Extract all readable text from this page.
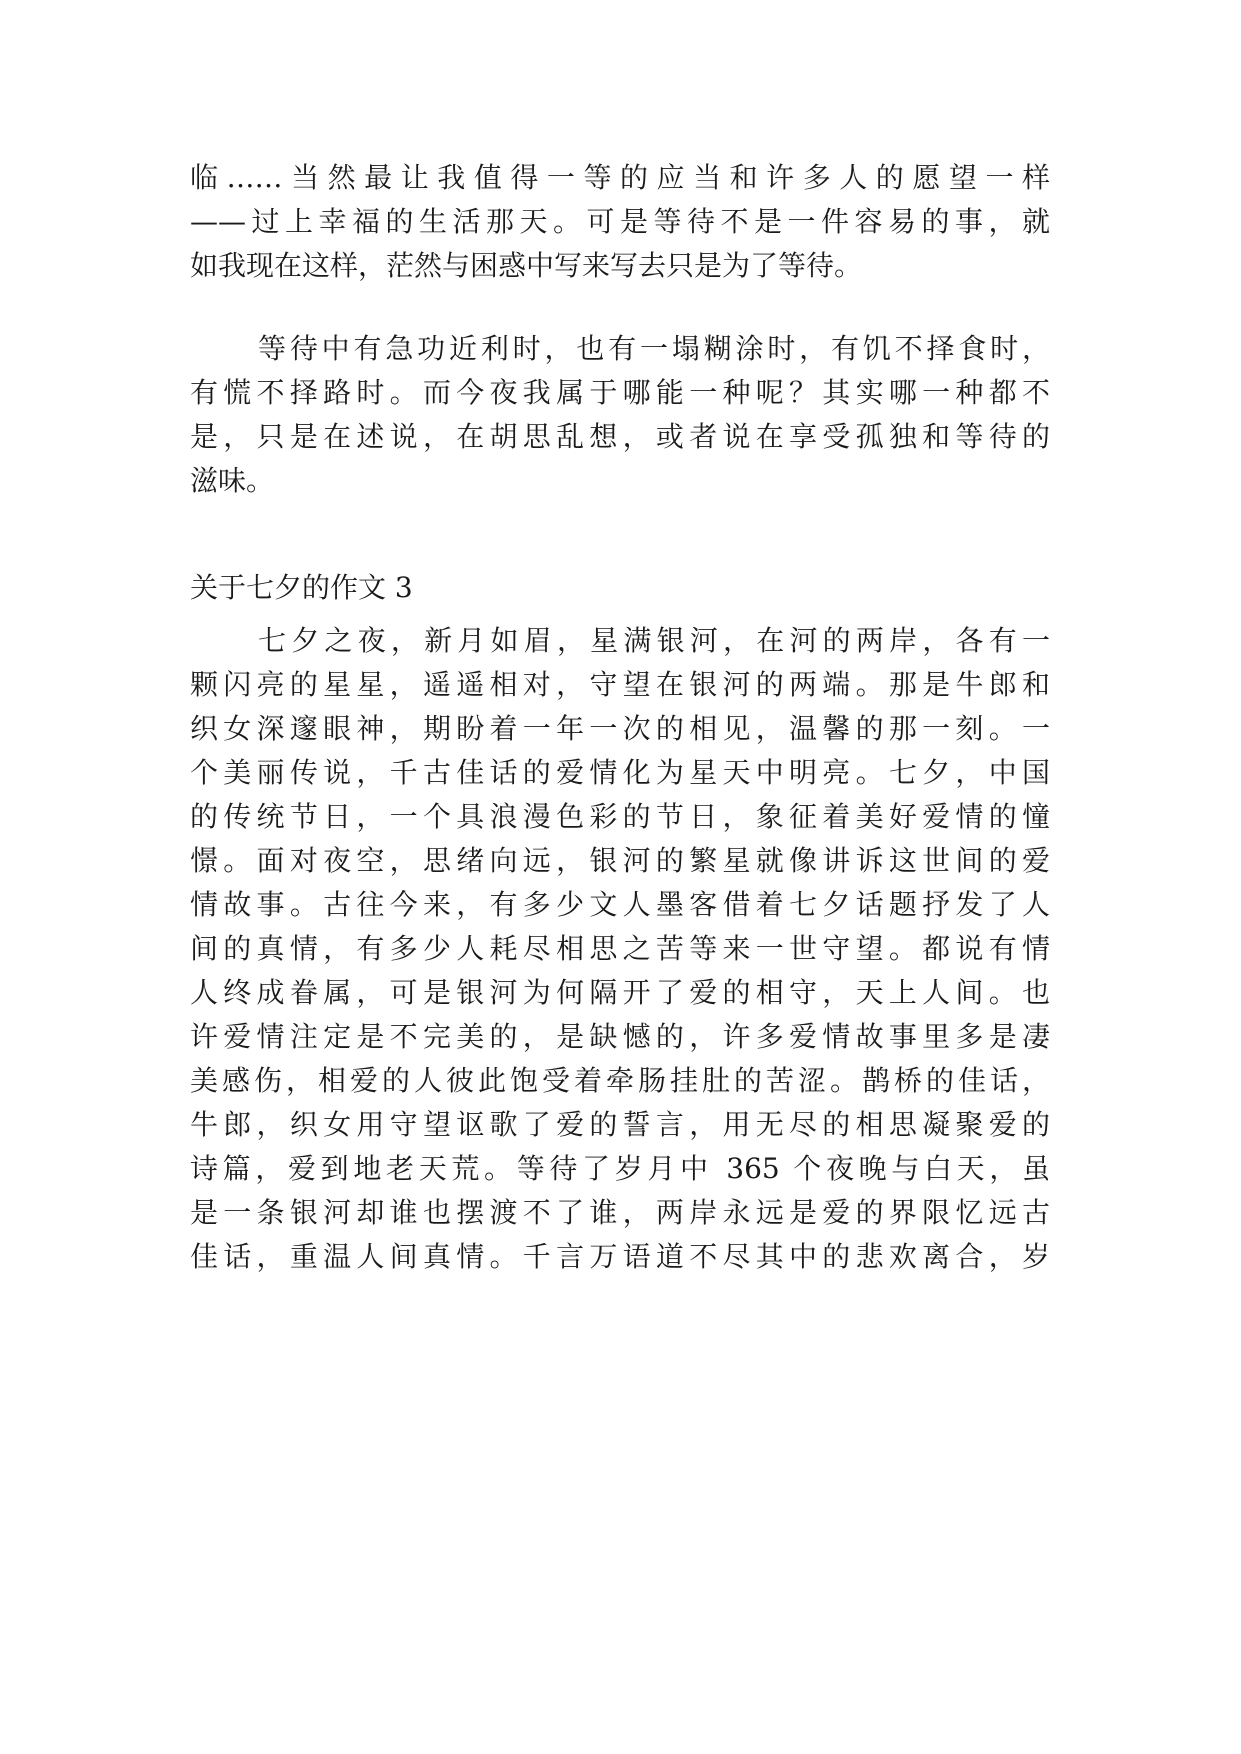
临……当然最让我值得一等的应当和许多人的愿望一样
——过上幸福的生活那天。可是等待不是一件容易的事，就
如我现在这样，茫然与困惑中写来写去只是为了等待。
等待中有急功近利时，也有一塌糊涂时，有饥不择食时，
有慌不择路时。而今夜我属于哪能一种呢？其实哪一种都不
是，只是在述说，在胡思乱想，或者说在享受孤独和等待的
滋味。
关于七夕的作文 3
七夕之夜，新月如眉，星满银河，在河的两岸，各有一
颗闪亮的星星，遥遥相对，守望在银河的两端。那是牛郎和
织女深邃眼神，期盼着一年一次的相见，温馨的那一刻。一
个美丽传说，千古佳话的爱情化为星天中明亮。七夕，中国
的传统节日，一个具浪漫色彩的节日，象征着美好爱情的憧
憬。面对夜空，思绪向远，银河的繁星就像讲诉这世间的爱
情故事。古往今来，有多少文人墨客借着七夕话题抒发了人
间的真情，有多少人耗尽相思之苦等来一世守望。都说有情
人终成眷属，可是银河为何隔开了爱的相守，天上人间。也
许爱情注定是不完美的，是缺憾的，许多爱情故事里多是凄
美感伤，相爱的人彼此饱受着牵肠挂肚的苦涩。鹊桥的佳话，
牛郎，织女用守望讴歌了爱的誓言，用无尽的相思凝聚爱的
诗篇，爱到地老天荒。等待了岁月中 365 个夜晚与白天，虽
是一条银河却谁也摆渡不了谁，两岸永远是爱的界限忆远古
佳话，重温人间真情。千言万语道不尽其中的悲欢离合，岁
